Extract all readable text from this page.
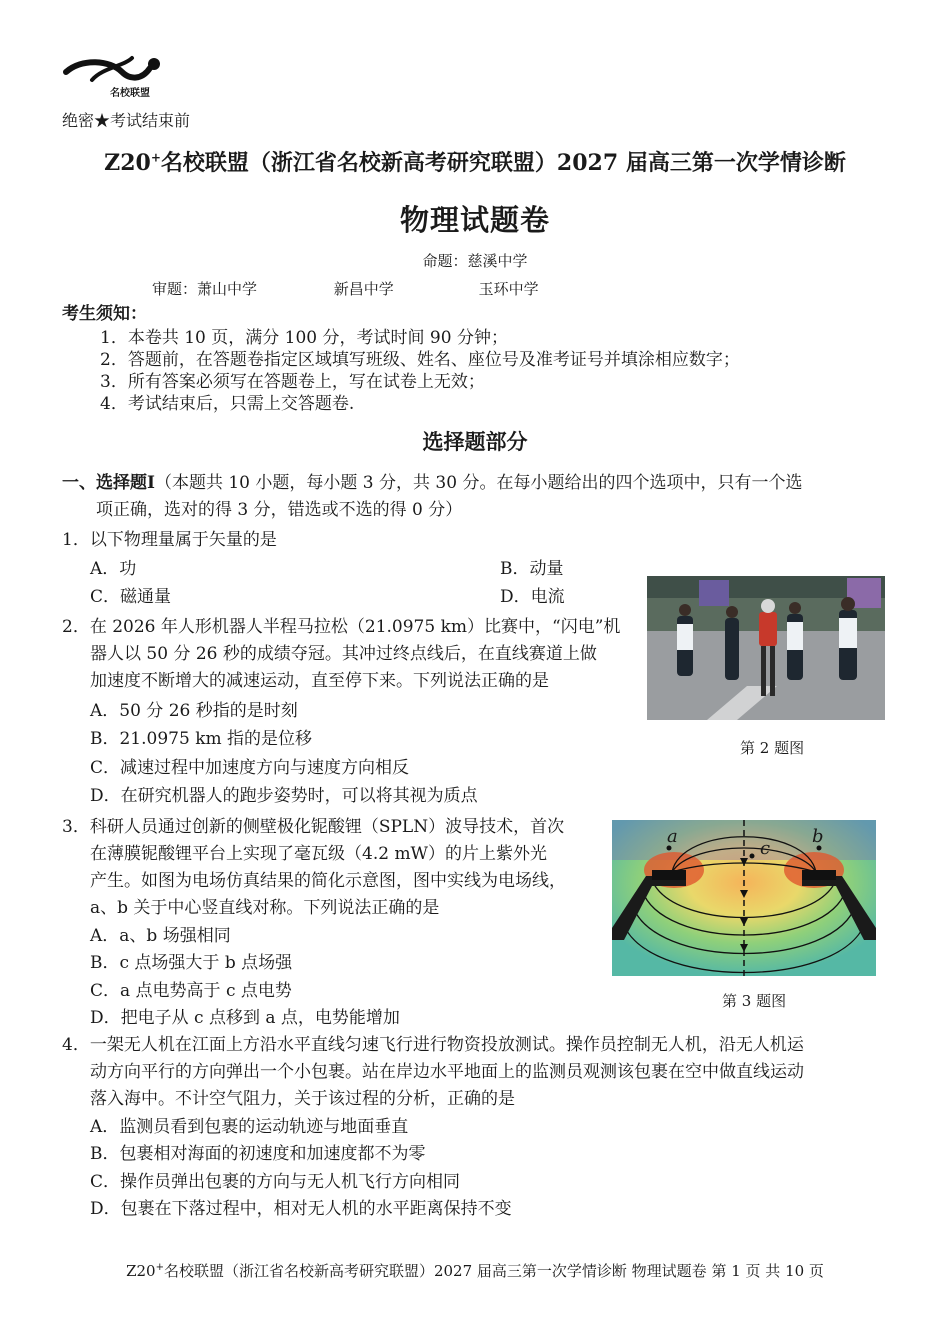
名校联盟
绝密★考试结束前
Z20+名校联盟（浙江省名校新高考研究联盟）2027 届高三第一次学情诊断
物理试题卷
命题：慈溪中学
审题：萧山中学	新昌中学	玉环中学
考生须知：
1．本卷共 10 页，满分 100 分，考试时间 90 分钟；
2．答题前，在答题卷指定区域填写班级、姓名、座位号及准考证号并填涂相应数字；
3．所有答案必须写在答题卷上，写在试卷上无效；
4．考试结束后，只需上交答题卷.
选择题部分
一、选择题Ⅰ（本题共 10 小题，每小题 3 分，共 30 分。在每小题给出的四个选项中，只有一个选
项正确，选对的得 3 分，错选或不选的得 0 分）
1．以下物理量属于矢量的是
A．功	B．动量
C．磁通量	D．电流
第 2 题图
2．在 2026 年人形机器人半程马拉松（21.0975 km）比赛中，“闪电”机
器人以 50 分 26 秒的成绩夺冠。其冲过终点线后，在直线赛道上做
加速度不断增大的减速运动，直至停下来。下列说法正确的是
A．50 分 26 秒指的是时刻
B．21.0975 km 指的是位移
C．减速过程中加速度方向与速度方向相反
D．在研究机器人的跑步姿势时，可以将其视为质点
a	b
c
第 3 题图
3．科研人员通过创新的侧壁极化铌酸锂（SPLN）波导技术，首次
在薄膜铌酸锂平台上实现了毫瓦级（4.2 mW）的片上紫外光
产生。如图为电场仿真结果的简化示意图，图中实线为电场线，
a、b 关于中心竖直线对称。下列说法正确的是
A．a、b 场强相同
B．c 点场强大于 b 点场强
C．a 点电势高于 c 点电势
D．把电子从 c 点移到 a 点，电势能增加
4．一架无人机在江面上方沿水平直线匀速飞行进行物资投放测试。操作员控制无人机，沿无人机运
动方向平行的方向弹出一个小包裹。站在岸边水平地面上的监测员观测该包裹在空中做直线运动
落入海中。不计空气阻力，关于该过程的分析，正确的是
A．监测员看到包裹的运动轨迹与地面垂直
B．包裹相对海面的初速度和加速度都不为零
C．操作员弹出包裹的方向与无人机飞行方向相同
D．包裹在下落过程中，相对无人机的水平距离保持不变
Z20+名校联盟（浙江省名校新高考研究联盟）2027 届高三第一次学情诊断 物理试题卷 第 1 页 共 10 页
